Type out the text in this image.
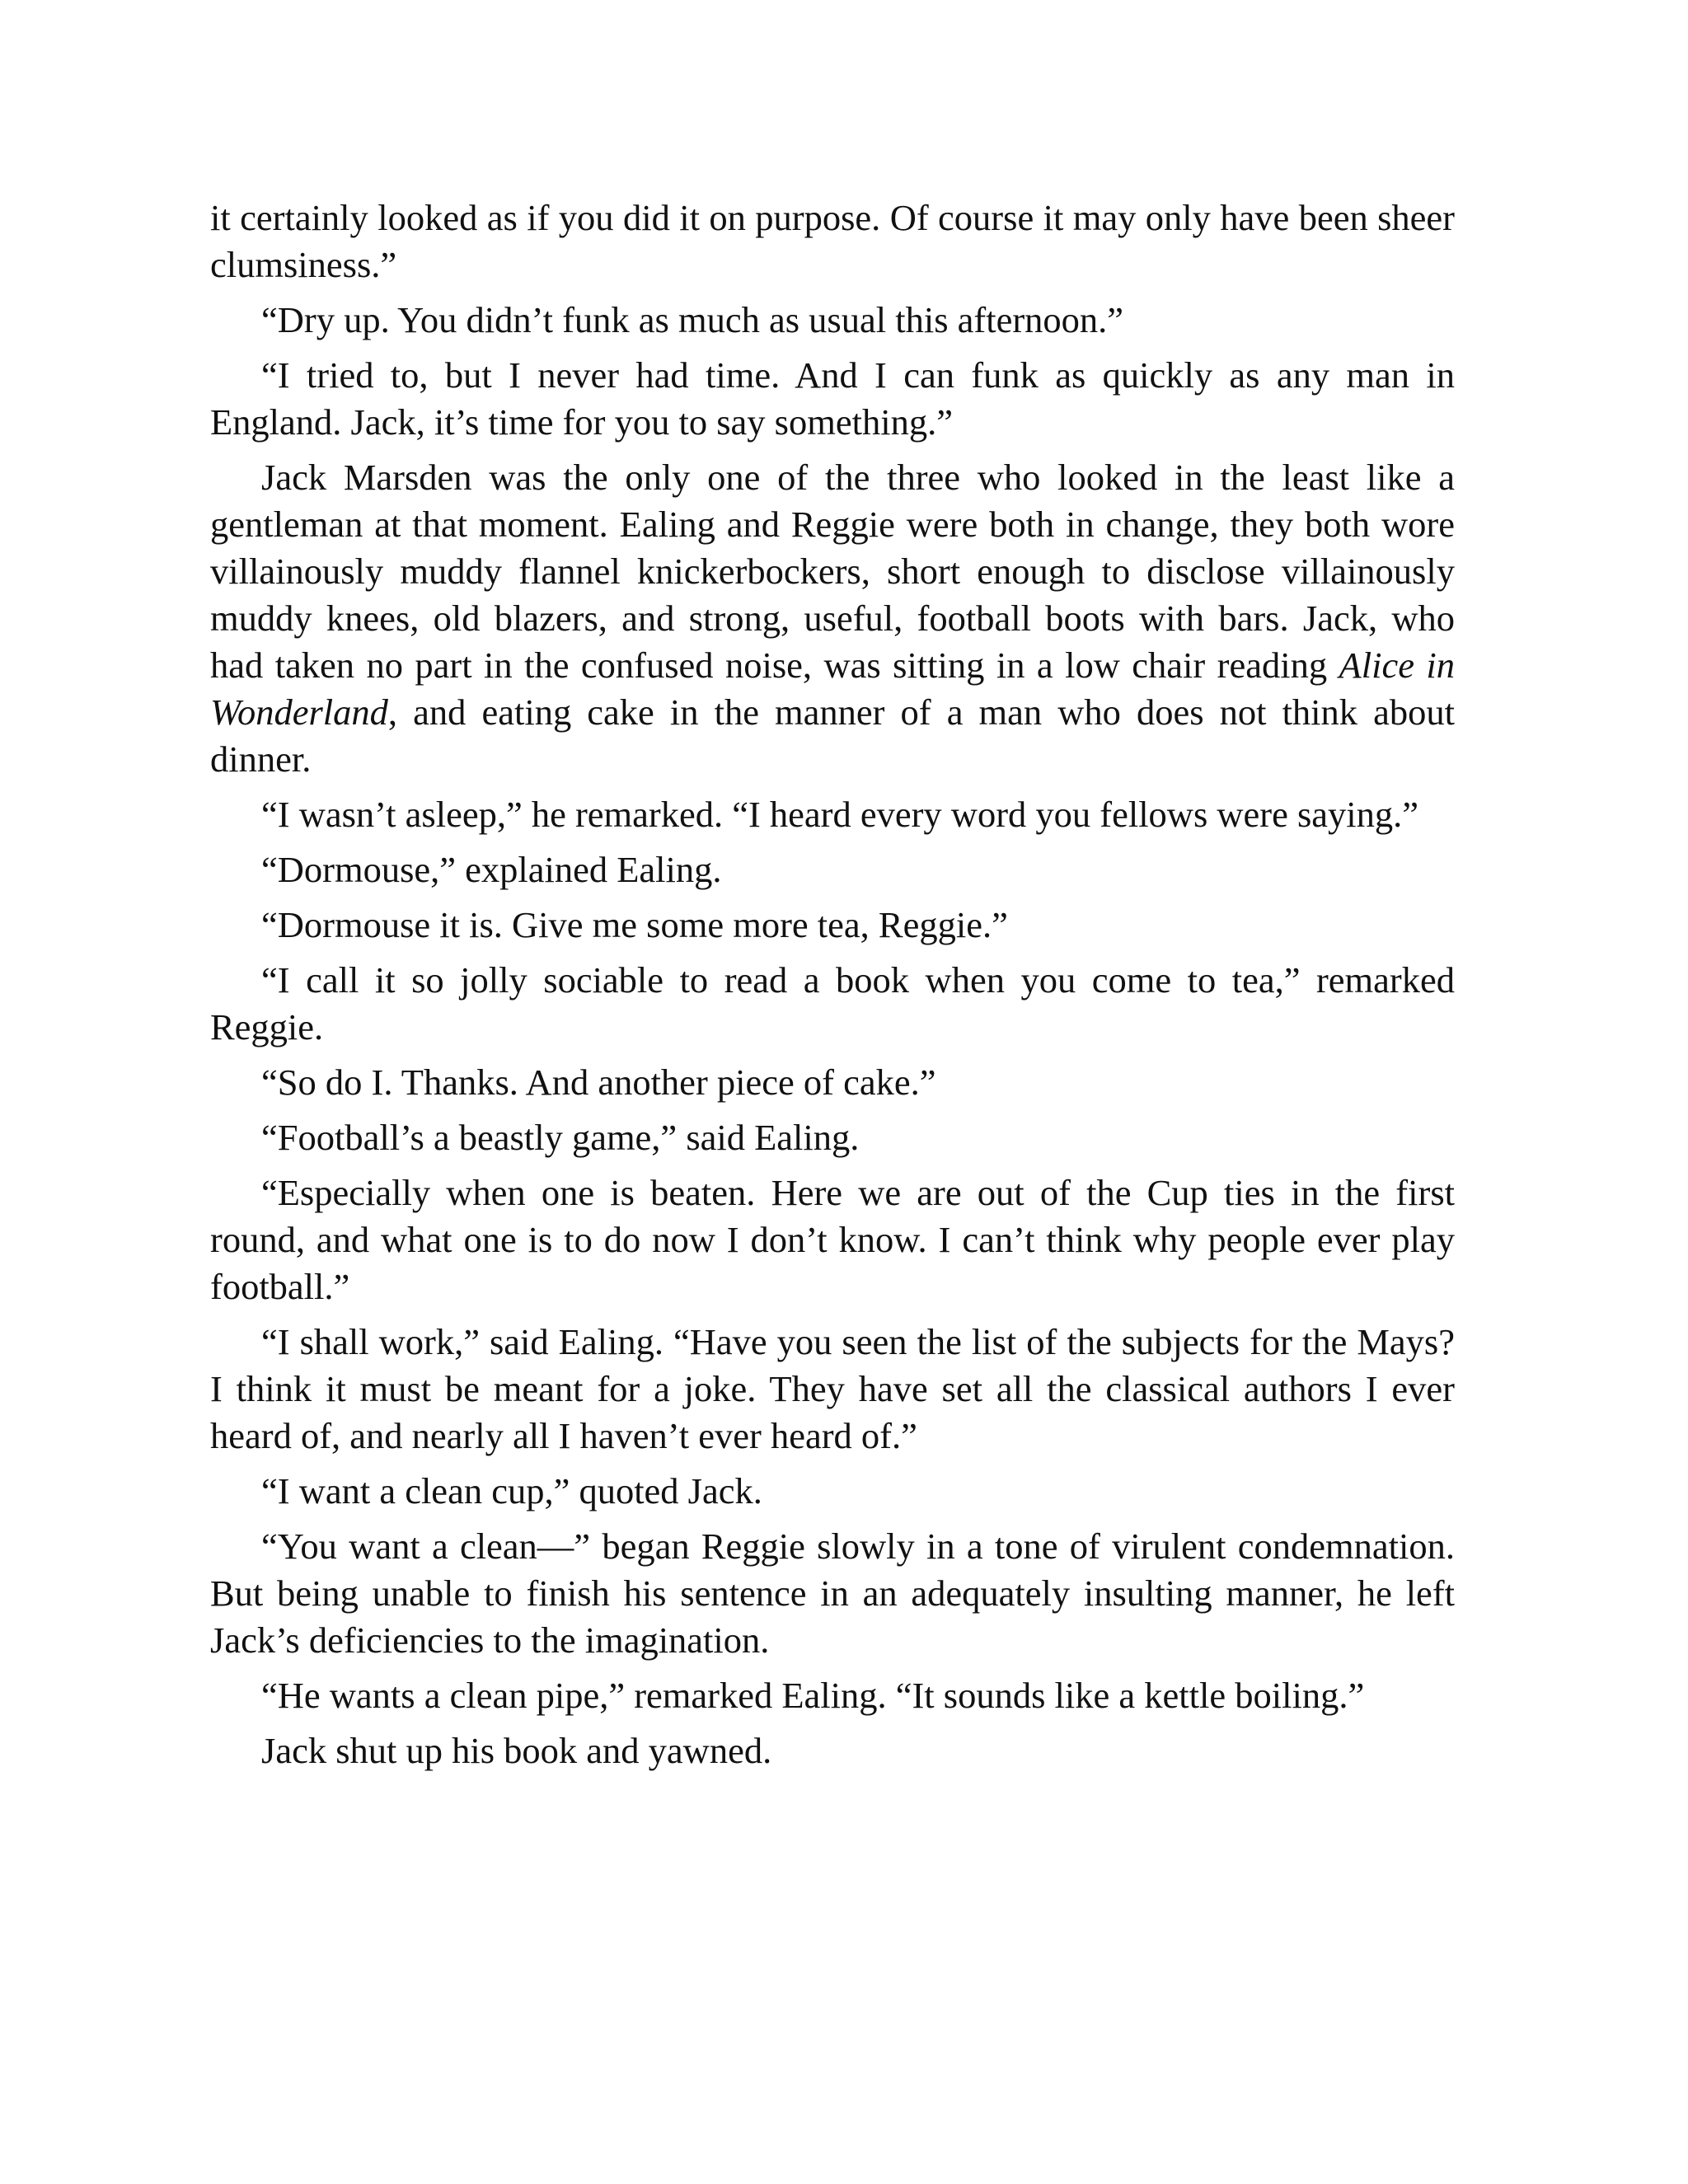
it certainly looked as if you did it on purpose. Of course it may only have been sheer clumsiness.”

“Dry up. You didn’t funk as much as usual this afternoon.”

“I tried to, but I never had time. And I can funk as quickly as any man in England. Jack, it’s time for you to say something.”

Jack Marsden was the only one of the three who looked in the least like a gentleman at that moment. Ealing and Reggie were both in change, they both wore villainously muddy flannel knickerbockers, short enough to disclose villainously muddy knees, old blazers, and strong, useful, football boots with bars. Jack, who had taken no part in the confused noise, was sitting in a low chair reading Alice in Wonderland, and eating cake in the manner of a man who does not think about dinner.

“I wasn’t asleep,” he remarked. “I heard every word you fellows were saying.”

“Dormouse,” explained Ealing.

“Dormouse it is. Give me some more tea, Reggie.”

“I call it so jolly sociable to read a book when you come to tea,” remarked Reggie.

“So do I. Thanks. And another piece of cake.”

“Football’s a beastly game,” said Ealing.

“Especially when one is beaten. Here we are out of the Cup ties in the first round, and what one is to do now I don’t know. I can’t think why people ever play football.”

“I shall work,” said Ealing. “Have you seen the list of the subjects for the Mays? I think it must be meant for a joke. They have set all the classical authors I ever heard of, and nearly all I haven’t ever heard of.”

“I want a clean cup,” quoted Jack.

“You want a clean—” began Reggie slowly in a tone of virulent condemnation. But being unable to finish his sentence in an adequately insulting manner, he left Jack’s deficiencies to the imagination.

“He wants a clean pipe,” remarked Ealing. “It sounds like a kettle boiling.”

Jack shut up his book and yawned.
